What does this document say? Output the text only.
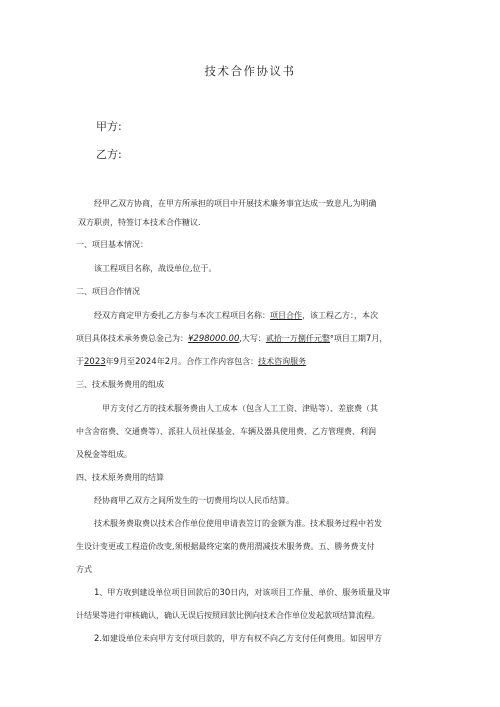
技术合作协议书
甲方:
乙方:
经甲乙双方协商，在甲方所承担的项目中开展技术廉务事宜达成一致息凡,为明确
双方职责，特签订本技术合作糖议.
一、项目基本情况：
该工程项目名称，战设单位,位于。
二、项目合作情况
经双方商定甲方委扎乙方参与本次工程项目名称：项目合作，该工程乙方：，本次
项目具体技术承务费总金己为：¥298000.00,大写：贰拾一万捌仟元整°项目工期7月，
于2023年9月至2024年2月。合作工作内容包含：技术咨询服务
三、技术服务费用的组成
甲方支付乙方的技术服务费由人工成本（包含人工工资、津贴等）、差旅费（其
中含舍宿费、交通费等）、派驻人员社保基金、车辆及器具使用费、乙方管理费、利润
及税金等组成。
四、技术原务费用的结算
经协商甲乙双方之间所发生的一切费用均以人民币结算。
技术服务费取费以技术合作单位使用申请表笠订的金额为准。技术服务过程中若发
生设计变更或工程造价改变,须根据最终定案的费用渭减技术服务费。五、勝务费支付
方式
1、甲方收到建设单位项目回款后的30日内，对该项目工作量、单价、服务质量及审
计结果等进行审核确认，确认无误后按照回款比例向技术合作单位发起款项结算流程。
2.如建设单位未向甲方支付项目款的，甲方有权不向乙方支付任何费用。如因甲方
